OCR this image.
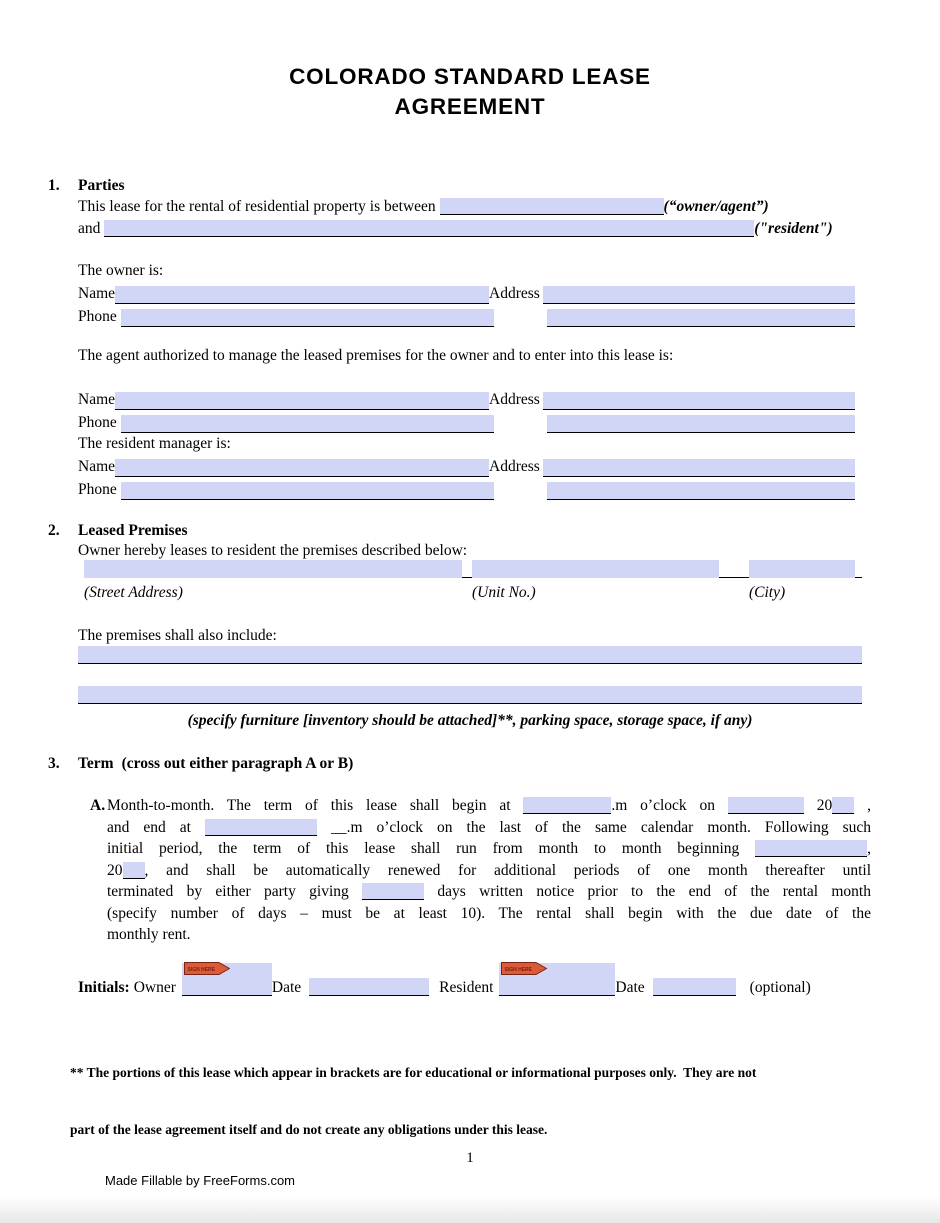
COLORADO STANDARD LEASE
AGREEMENT
1. Parties
This lease for the rental of residential property is between	(“owner/agent”)
and	("resident")
The owner is:
Name	Address
Phone
The agent authorized to manage the leased premises for the owner and to enter into this lease is:
Name	Address
Phone
The resident manager is:
Name	Address
Phone
2. Leased Premises
Owner hereby leases to resident the premises described below:
(Street Address)	(Unit No.)	(City)
The premises shall also include:
(specify furniture [inventory should be attached]**, parking space, storage space, if any)
3. Term (cross out either paragraph A or B)
A. Month-to-month. The term of this lease shall begin at	.m o’clock on	20 ,
and end at	__.m o’clock on the last of the same calendar month. Following such
initial period, the term of this lease shall run from month to month beginning	,
20 , and shall be automatically renewed for additional periods of one month thereafter until
terminated by either party giving	days written notice prior to the end of the rental month
(specify number of days – must be at least 10). The rental shall begin with the due date of the
monthly rent.
Initials: Owner
SIGN HERE
Date	Resident
SIGN HERE
Date	(optional)

** The portions of this lease which appear in brackets are for educational or informational purposes only.  They are not

part of the lease agreement itself and do not create any obligations under this lease.

1
Made Fillable by FreeForms.com
